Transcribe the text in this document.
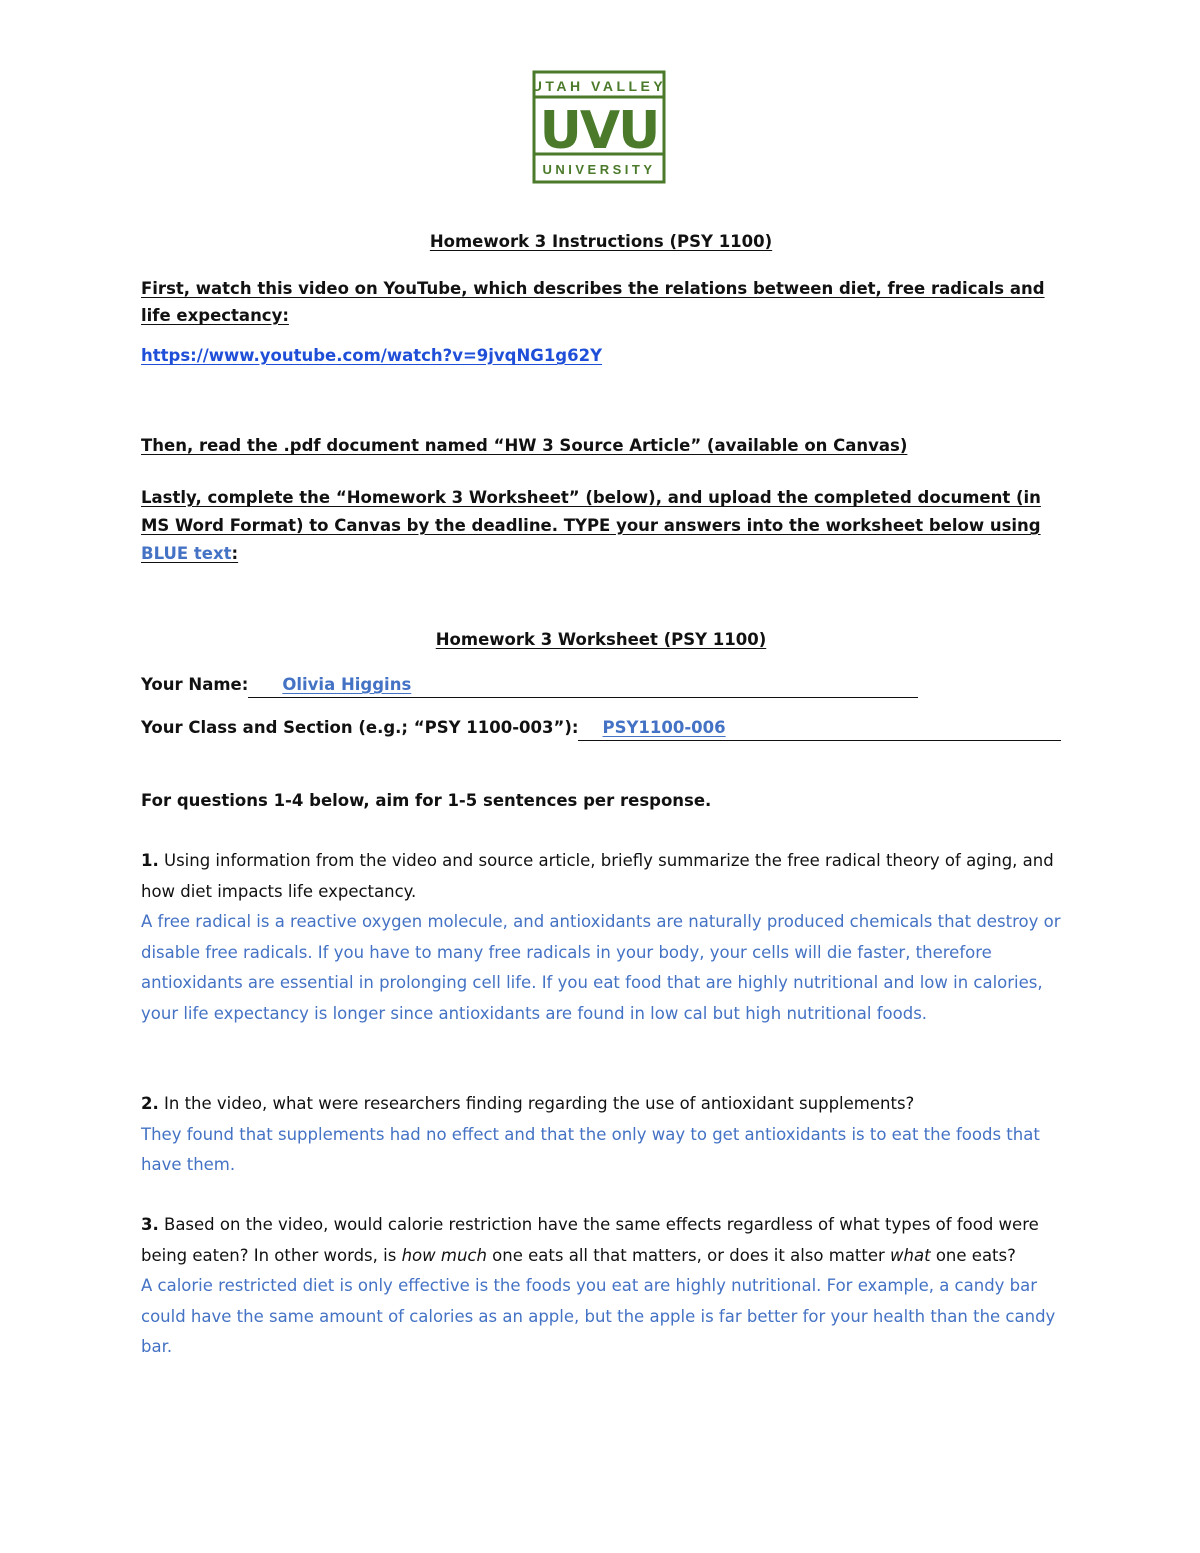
UTAH VALLEY
UVU
UNIVERSITY

Homework 3 Instructions (PSY 1100)

First, watch this video on YouTube, which describes the relations between diet, free radicals and life expectancy:

https://www.youtube.com/watch?v=9jvqNG1g62Y

Then, read the .pdf document named “HW 3 Source Article” (available on Canvas)

Lastly, complete the “Homework 3 Worksheet” (below), and upload the completed document (in MS Word Format) to Canvas by the deadline. TYPE your answers into the worksheet below using BLUE text:

Homework 3 Worksheet (PSY 1100)

Your Name:	Olivia Higgins
Your Class and Section (e.g.; “PSY 1100-003”):	PSY1100-006

For questions 1-4 below, aim for 1-5 sentences per response.

1. Using information from the video and source article, briefly summarize the free radical theory of aging, and how diet impacts life expectancy.

A free radical is a reactive oxygen molecule, and antioxidants are naturally produced chemicals that destroy or disable free radicals. If you have to many free radicals in your body, your cells will die faster, therefore antioxidants are essential in prolonging cell life. If you eat food that are highly nutritional and low in calories, your life expectancy is longer since antioxidants are found in low cal but high nutritional foods.

2. In the video, what were researchers finding regarding the use of antioxidant supplements?

They found that supplements had no effect and that the only way to get antioxidants is to eat the foods that have them.

3. Based on the video, would calorie restriction have the same effects regardless of what types of food were being eaten? In other words, is how much one eats all that matters, or does it also matter what one eats?

A calorie restricted diet is only effective is the foods you eat are highly nutritional. For example, a candy bar could have the same amount of calories as an apple, but the apple is far better for your health than the candy bar.
